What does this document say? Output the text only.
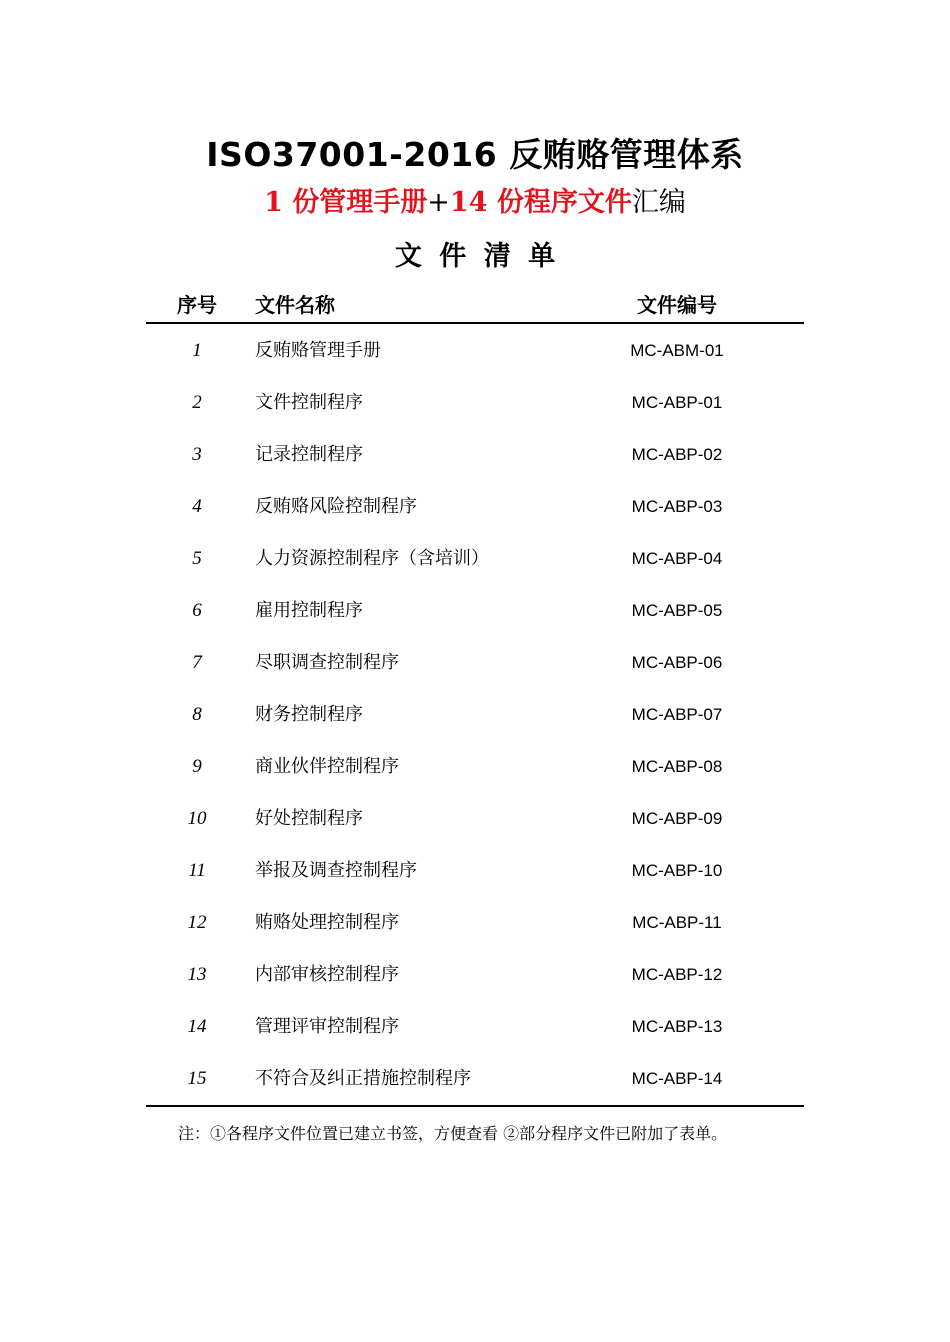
ISO37001-2016 反贿赂管理体系
1 份管理手册+14 份程序文件汇编
文 件 清 单
序号	文件名称	文件编号
1	反贿赂管理手册	MC-ABM-01
2	文件控制程序	MC-ABP-01
3	记录控制程序	MC-ABP-02
4	反贿赂风险控制程序	MC-ABP-03
5	人力资源控制程序（含培训）	MC-ABP-04
6	雇用控制程序	MC-ABP-05
7	尽职调查控制程序	MC-ABP-06
8	财务控制程序	MC-ABP-07
9	商业伙伴控制程序	MC-ABP-08
10	好处控制程序	MC-ABP-09
11	举报及调查控制程序	MC-ABP-10
12	贿赂处理控制程序	MC-ABP-11
13	内部审核控制程序	MC-ABP-12
14	管理评审控制程序	MC-ABP-13
15	不符合及纠正措施控制程序	MC-ABP-14
注：①各程序文件位置已建立书签，方便查看 ②部分程序文件已附加了表单。
